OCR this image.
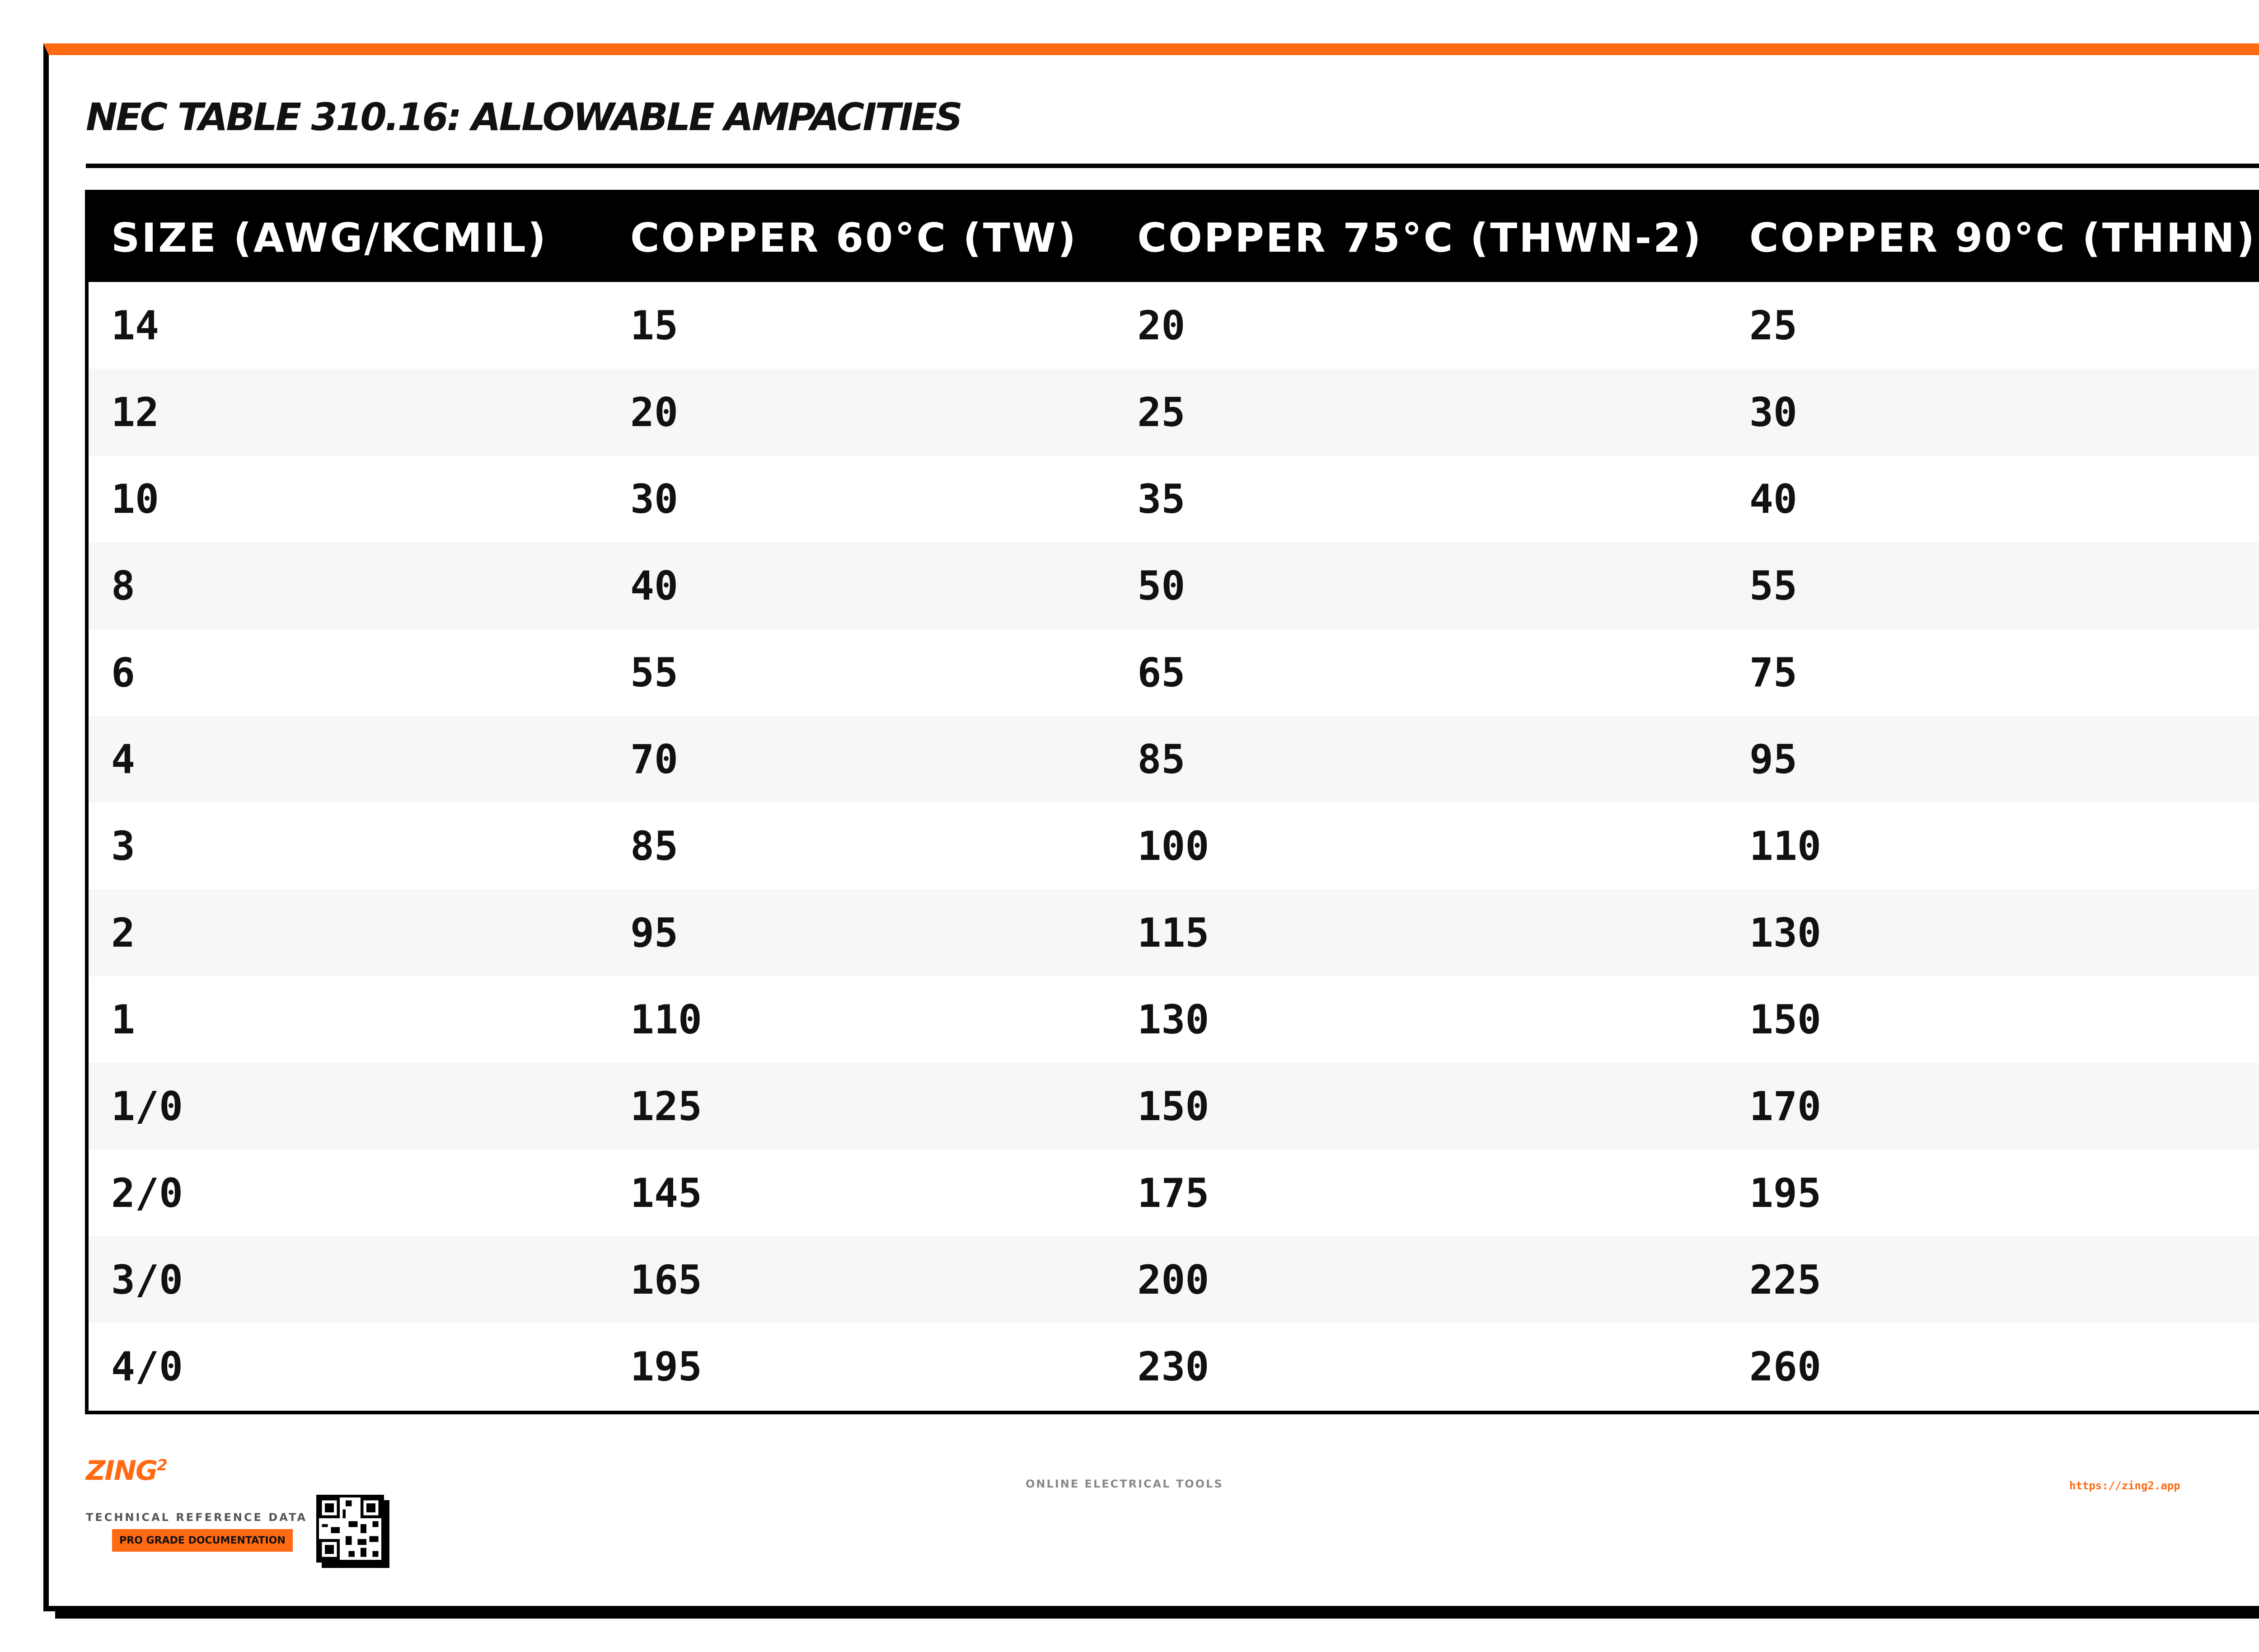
NEC TABLE 310.16: ALLOWABLE AMPACITIES
SIZE (AWG/KCMIL)	COPPER 60°C (TW)	COPPER 75°C (THWN-2)	COPPER 90°C (THHN)			
14	15	20	25			
12	20	25	30			
10	30	35	40			
8	40	50	55			
6	55	65	75			
4	70	85	95			
3	85	100	110			
2	95	115	130			
1	110	130	150			
1/0	125	150	170			
2/0	145	175	195			
3/0	165	200	225			
4/0	195	230	260			
ZING$^2$
TECHNICAL REFERENCE DATA
PRO GRADE DOCUMENTATION
ONLINE ELECTRICAL TOOLS	https://zing2.app
